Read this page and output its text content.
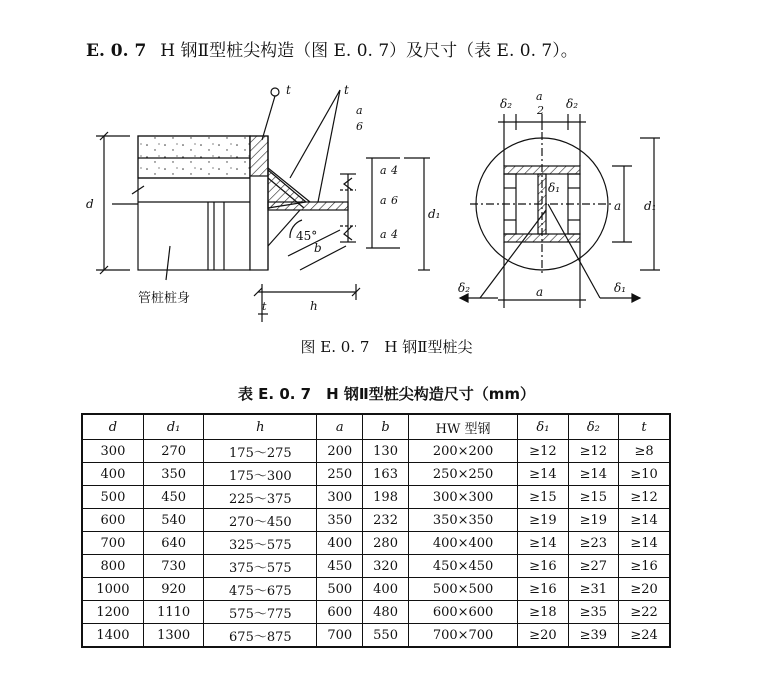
E. 0. 7 H 钢Ⅱ型桩尖构造（图 E. 0. 7）及尺寸（表 E. 0. 7）。
d
t	t
a
6
a 4
a 6
a 4
d₁
45°
b
h
t
管桩桩身
δ₂
a
2 δ₂
δ₁
a d₁
a
δ₂	δ₁
图 E. 0. 7　H 钢Ⅱ型桩尖
表 E. 0. 7　H 钢Ⅱ型桩尖构造尺寸（mm）
d	d₁	h	a	b	HW 型钢	δ₁	δ₂	t
300	270	175～275	200	130	200×200	≥12	≥12	≥8
400	350	175～300	250	163	250×250	≥14	≥14	≥10
500	450	225～375	300	198	300×300	≥15	≥15	≥12
600	540	270～450	350	232	350×350	≥19	≥19	≥14
700	640	325～575	400	280	400×400	≥14	≥23	≥14
800	730	375～575	450	320	450×450	≥16	≥27	≥16
1000	920	475～675	500	400	500×500	≥16	≥31	≥20
1200	1110	575～775	600	480	600×600	≥18	≥35	≥22
1400	1300	675～875	700	550	700×700	≥20	≥39	≥24
